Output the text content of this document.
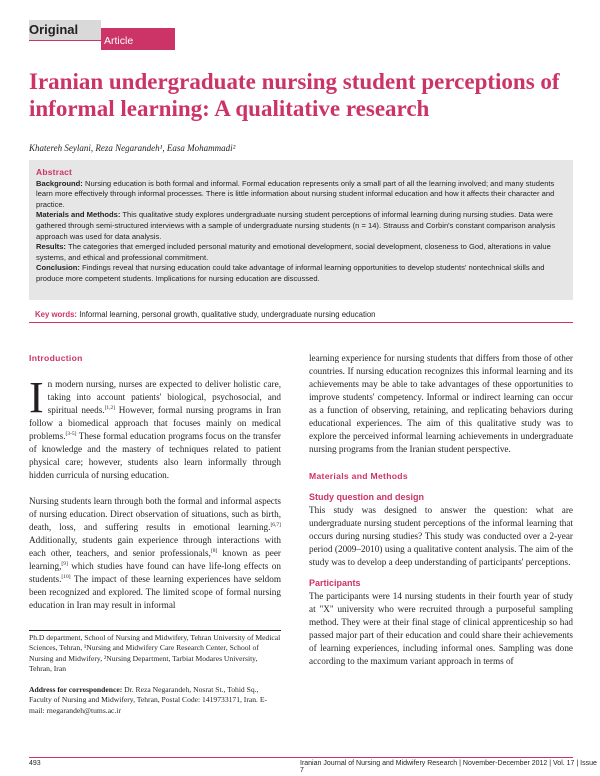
Original
Article
Iranian undergraduate nursing student perceptions of informal learning: A qualitative research
Khatereh Seylani, Reza Negarandeh¹, Easa Mohammadi²
Abstract

Background: Nursing education is both formal and informal. Formal education represents only a small part of all the learning involved; and many students learn more effectively through informal processes. There is little information about nursing student informal education and how it affects their character and practice.

Materials and Methods: This qualitative study explores undergraduate nursing student perceptions of informal learning during nursing studies. Data were gathered through semi-structured interviews with a sample of undergraduate nursing students (n = 14). Strauss and Corbin's constant comparison analysis approach was used for data analysis.

Results: The categories that emerged included personal maturity and emotional development, social development, closeness to God, alterations in value systems, and ethical and professional commitment.

Conclusion: Findings reveal that nursing education could take advantage of informal learning opportunities to develop students' nontechnical skills and produce more competent students. Implications for nursing education are discussed.

Key words: Informal learning, personal growth, qualitative study, undergraduate nursing education
Introduction

In modern nursing, nurses are expected to deliver holistic care, taking into account patients' biological, psychosocial, and spiritual needs.[1,2] However, formal nursing programs in Iran follow a biomedical approach that focuses mainly on medical problems.[3-5] These formal education programs focus on the transfer of knowledge and the mastery of techniques related to patient physical care; however, students also learn informally through hidden curricula of nursing education.

Nursing students learn through both the formal and informal aspects of nursing education. Direct observation of situations, such as birth, death, loss, and suffering results in emotional learning.[6,7] Additionally, students gain experience through interactions with each other, teachers, and senior professionals,[8] known as peer learning,[9] which studies have found can have life-long effects on students.[10] The impact of these learning experiences have seldom been recognized and explored. The limited scope of formal nursing education in Iran may result in informal

Ph.D department, School of Nursing and Midwifery, Tehran University of Medical Sciences, Tehran, ¹Nursing and Midwifery Care Research Center, School of Nursing and Midwifery, ²Nursing Department, Tarbiat Modares University, Tehran, Iran
Address for correspondence: Dr. Reza Negarandeh, Nosrat St., Tohid Sq., Faculty of Nursing and Midwifery, Tehran, Postal Code: 1419733171, Iran. E-mail: rnegarandeh@tums.ac.ir

learning experience for nursing students that differs from those of other countries. If nursing education recognizes this informal learning and its achievements may be able to take advantages of these opportunities to improve students' competency. Informal or indirect learning can occur as a function of observing, retaining, and replicating behaviors during educational experiences. The aim of this qualitative study was to explore the perceived informal learning achievements in undergraduate nursing programs from the Iranian student perspective.

Materials and Methods
Study question and design

This study was designed to answer the question: what are undergraduate nursing student perceptions of the informal learning that occurs during nursing studies? This study was conducted over a 2-year period (2009–2010) using a qualitative content analysis. The aim of the study was to develop a deep understanding of participants' perceptions.

Participants

The participants were 14 nursing students in their fourth year of study at "X" university who were recruited through a purposeful sampling method. They were at their final stage of clinical apprenticeship so had passed major part of their education and could share their achievements of learning experiences, including informal ones. Sampling was done according to the maximum variant approach in terms of

493	Iranian Journal of Nursing and Midwifery Research | November-December 2012 | Vol. 17 | Issue 7
